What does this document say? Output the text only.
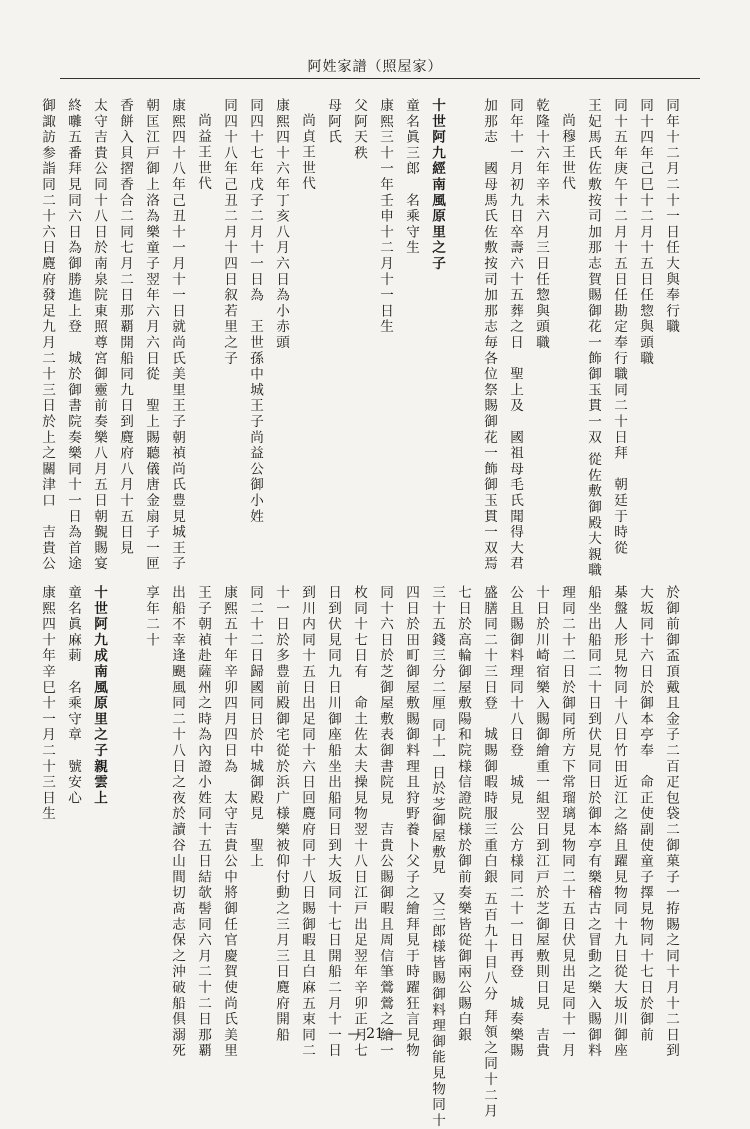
阿姓家譜（照屋家）
同年十二月二十一日任大與奉行職
同十四年己巳十二月十五日任惣與頭職
同十五年庚午十二月十五日任勘定奉行職同二十日拜　朝廷于時從
王妃馬氏佐敷按司加那志賀賜御花一飾御玉貫一双 從佐敷御殿大親職
尚穆王世代
乾隆十六年辛未六月三日任惣與頭職
同年十一月初九日卒壽六十五葬之日　聖上及　國祖母毛氏聞得大君
加那志　國母馬氏佐敷按司加那志毎各位祭賜御花一飾御玉貫一双焉

十世阿九經南風原里之子
童名眞三郎　名乘守生
康熙三十一年壬申十二月十一日生
父阿天秩
母阿氏
尚貞王世代
康熙四十六年丁亥八月六日為小赤頭
同四十七年戊子二月十一日為　王世孫中城王子尚益公御小姓
同四十八年己丑二月十四日叙若里之子
尚益王世代
康熙四十八年己丑十一月十一日就尚氏美里王子朝禎尚氏豊見城王子
朝匡江戸御上洛為樂童子翌年六月六日從　聖上賜聽儀唐金扇子一匣
香餅入貝摺香合二同七月二日那覇開船同九日到麑府八月十五日見
太守吉貴公同十八日於南泉院東照尊宮御靈前奏樂八月五日朝覲賜宴
終囃五番拜見同六日為御勝進上登　城於御書院奏樂同十一日為首途
御諏訪参詣同二十六日麑府發足九月二十三日於上之關津口　吉貴公
於御前御盃頂戴且金子二百疋包袋二御菓子一拵賜之同十月十二日到
大坂同十六日於御本亭奉　命正使副使童子擇見物同十七日於御前
棊盤人形見物同十八日竹田近江之絡且躍見物同十九日從大坂川御座
船坐出船同二十日到伏見同日於御本亭有樂稽古之冒動之樂入賜御料
理同二十二日於御同所方下常瑠璃見物同二十五日伏見出足同十一月
十日於川崎宿樂入賜御繪重一組翌日到江戸於芝御屋敷則日見　吉貴
公且賜御料理同十八日登　城見　公方様同二十一日再登　城奏樂賜
盛膳同二十三日登　城賜御暇時服三重白銀 五百九十目八分 拜領之同十二月
七日於高輪御屋敷陽和院様信證院様於御前奏樂皆從御兩公賜白銀
三十五錢三分二厘 同十一日於芝御屋敷見　又三郎様皆賜御料理御能見物同十
四日於田町御屋敷賜御料理且狩野養卜父子之繪拜見于時躍狂言見物
同十六日於芝御屋敷表御書院見　吉貴公賜御暇且周信筆鶯鶯之繪一
枚同十七日有　命土佐太夫操見物翌十八日江戸出足翌年辛卯正月七
日到伏見同九日川御座船坐出船同日到大坂同十七日開船二月十一日
到川内同十五日出足同十六日回麑府同十八日賜御暇且白麻五束同二
十一日於多豊前殿御宅從於浜广様樂被仰付動之三月三日麑府開船
同二十二日歸國同日於中城御殿見　聖上
康熙五十年辛卯四月四日為　太守吉貴公中將御任官慶賀使尚氏美里
王子朝禎赴薩州之時為內證小姓同十五日結欹髻同六月二十二日那覇
出船不幸逢颶風同二十八日之夜於讀谷山間切髙志保之沖破船俱溺死
享年二十

十世阿九成南風原里之子親雲上
童名眞麻莿　名乘守章　號安心
康熙四十年辛巳十一月二十三日生
— 21 —
